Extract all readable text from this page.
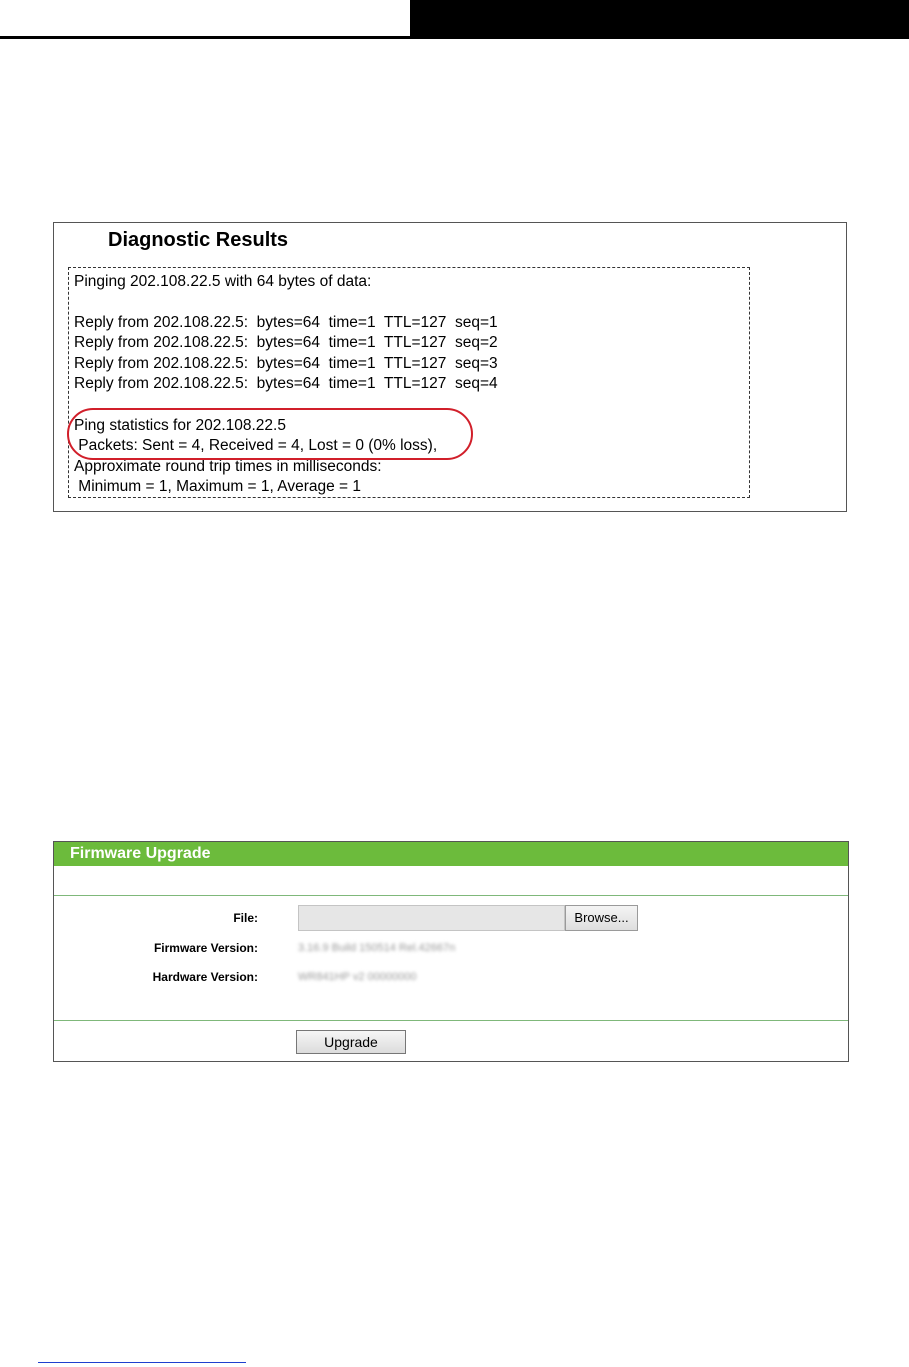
Diagnostic Results
Pinging 202.108.22.5 with 64 bytes of data:
Reply from 202.108.22.5:  bytes=64  time=1  TTL=127  seq=1
Reply from 202.108.22.5:  bytes=64  time=1  TTL=127  seq=2
Reply from 202.108.22.5:  bytes=64  time=1  TTL=127  seq=3
Reply from 202.108.22.5:  bytes=64  time=1  TTL=127  seq=4
Ping statistics for 202.108.22.5
Packets: Sent = 4, Received = 4, Lost = 0 (0% loss),
Approximate round trip times in milliseconds:
Minimum = 1, Maximum = 1, Average = 1
Firmware Upgrade
File:	Browse...
Firmware Version:	3.16.9 Build 150514 Rel.42667n
Hardware Version:	WR841HP v2 00000000
Upgrade
